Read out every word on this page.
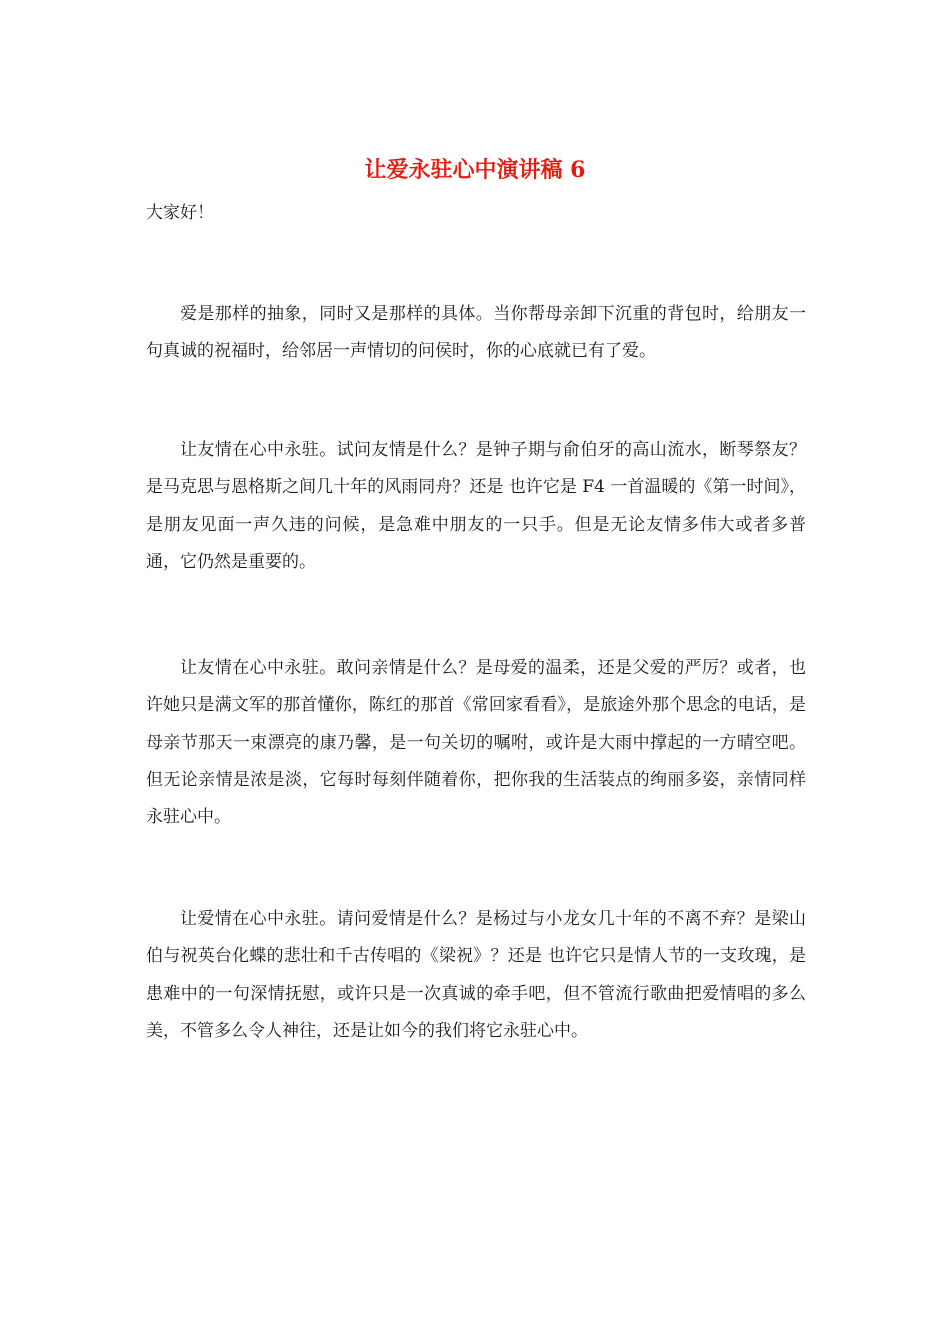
让爱永驻心中演讲稿 6

大家好！

爱是那样的抽象，同时又是那样的具体。当你帮母亲卸下沉重的背包时，给朋友一句真诚的祝福时，给邻居一声情切的问侯时，你的心底就已有了爱。

让友情在心中永驻。试问友情是什么？是钟子期与俞伯牙的高山流水，断琴祭友？是马克思与恩格斯之间几十年的风雨同舟？还是 也许它是 F4 一首温暖的《第一时间》，是朋友见面一声久违的问候，是急难中朋友的一只手。但是无论友情多伟大或者多普通，它仍然是重要的。

让友情在心中永驻。敢问亲情是什么？是母爱的温柔，还是父爱的严厉？或者，也许她只是满文军的那首懂你，陈红的那首《常回家看看》，是旅途外那个思念的电话，是母亲节那天一束漂亮的康乃馨，是一句关切的嘱咐，或许是大雨中撑起的一方晴空吧。但无论亲情是浓是淡，它每时每刻伴随着你，把你我的生活装点的绚丽多姿，亲情同样永驻心中。

让爱情在心中永驻。请问爱情是什么？是杨过与小龙女几十年的不离不弃？是梁山伯与祝英台化蝶的悲壮和千古传唱的《梁祝》？还是 也许它只是情人节的一支玫瑰，是患难中的一句深情抚慰，或许只是一次真诚的牵手吧，但不管流行歌曲把爱情唱的多么美，不管多么令人神往，还是让如今的我们将它永驻心中。
